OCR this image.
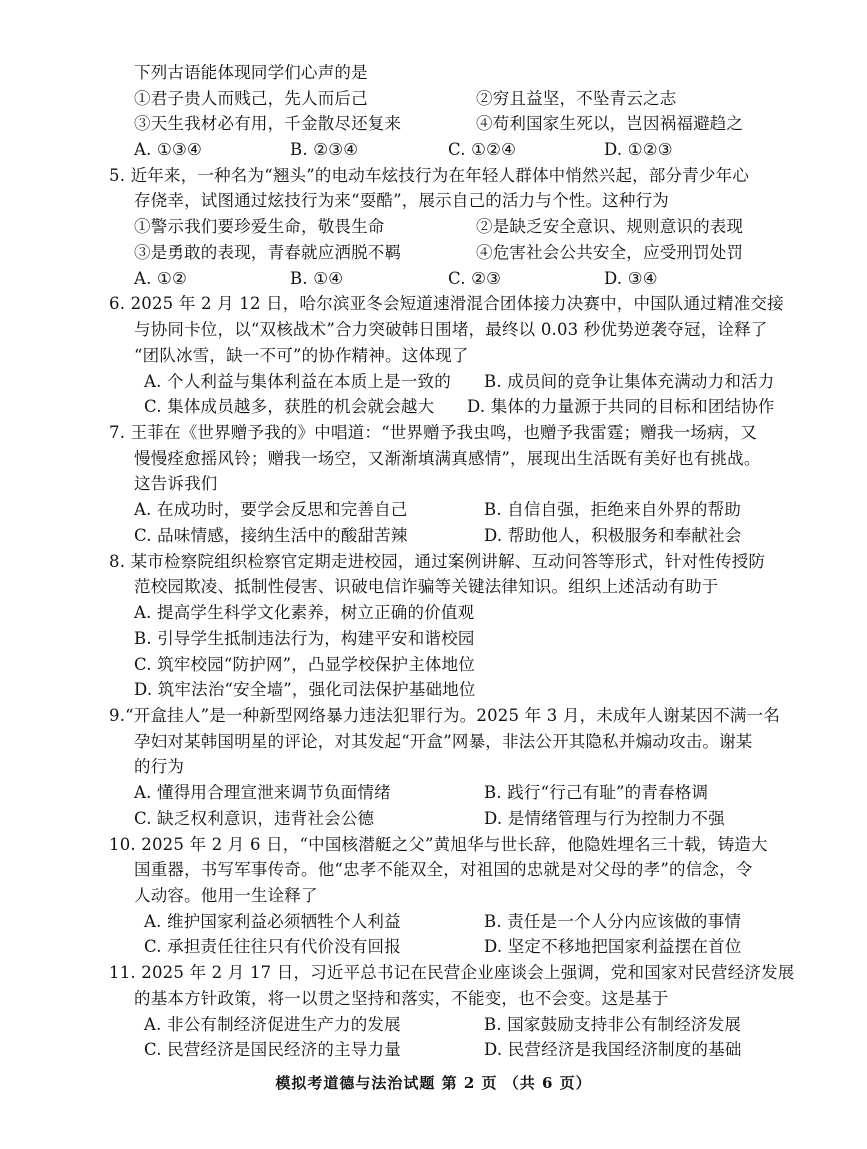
下列古语能体现同学们心声的是
①君子贵人而贱己，先人而后己	②穷且益坚，不坠青云之志
③天生我材必有用，千金散尽还复来	④苟利国家生死以，岂因祸福避趋之
A. ①③④	B. ②③④	C. ①②④	D. ①②③
5. 近年来，一种名为“翘头”的电动车炫技行为在年轻人群体中悄然兴起，部分青少年心
存侥幸，试图通过炫技行为来“耍酷”，展示自己的活力与个性。这种行为
①警示我们要珍爱生命，敬畏生命	②是缺乏安全意识、规则意识的表现
③是勇敢的表现，青春就应洒脱不羁	④危害社会公共安全，应受刑罚处罚
A. ①②	B. ①④	C. ②③	D. ③④
6. 2025 年 2 月 12 日，哈尔滨亚冬会短道速滑混合团体接力决赛中，中国队通过精准交接
与协同卡位，以“双核战术”合力突破韩日围堵，最终以 0.03 秒优势逆袭夺冠，诠释了
“团队冰雪，缺一不可”的协作精神。这体现了
A. 个人利益与集体利益在本质上是一致的 B. 成员间的竞争让集体充满动力和活力
C. 集体成员越多，获胜的机会就会越大 D. 集体的力量源于共同的目标和团结协作
7. 王菲在《世界赠予我的》中唱道：“世界赠予我虫鸣，也赠予我雷霆；赠我一场病，又
慢慢痊愈摇风铃；赠我一场空，又渐渐填满真感情”，展现出生活既有美好也有挑战。
这告诉我们
A. 在成功时，要学会反思和完善自己	B. 自信自强，拒绝来自外界的帮助
C. 品味情感，接纳生活中的酸甜苦辣	D. 帮助他人，积极服务和奉献社会
8. 某市检察院组织检察官定期走进校园，通过案例讲解、互动问答等形式，针对性传授防
范校园欺凌、抵制性侵害、识破电信诈骗等关键法律知识。组织上述活动有助于
A. 提高学生科学文化素养，树立正确的价值观
B. 引导学生抵制违法行为，构建平安和谐校园
C. 筑牢校园“防护网”，凸显学校保护主体地位
D. 筑牢法治“安全墙”，强化司法保护基础地位
9.“开盒挂人”是一种新型网络暴力违法犯罪行为。2025 年 3 月，未成年人谢某因不满一名
孕妇对某韩国明星的评论，对其发起“开盒”网暴，非法公开其隐私并煽动攻击。谢某
的行为
A. 懂得用合理宣泄来调节负面情绪	B. 践行“行己有耻”的青春格调
C. 缺乏权利意识，违背社会公德	D. 是情绪管理与行为控制力不强
10. 2025 年 2 月 6 日，“中国核潜艇之父”黄旭华与世长辞，他隐姓埋名三十载，铸造大
国重器，书写军事传奇。他“忠孝不能双全，对祖国的忠就是对父母的孝”的信念，令
人动容。他用一生诠释了
A. 维护国家利益必须牺牲个人利益	B. 责任是一个人分内应该做的事情
C. 承担责任往往只有代价没有回报	D. 坚定不移地把国家利益摆在首位
11. 2025 年 2 月 17 日，习近平总书记在民营企业座谈会上强调，党和国家对民营经济发展
的基本方针政策，将一以贯之坚持和落实，不能变，也不会变。这是基于
A. 非公有制经济促进生产力的发展	B. 国家鼓励支持非公有制经济发展
C. 民营经济是国民经济的主导力量	D. 民营经济是我国经济制度的基础
模拟考道德与法治试题 第 2 页 （共 6 页）
